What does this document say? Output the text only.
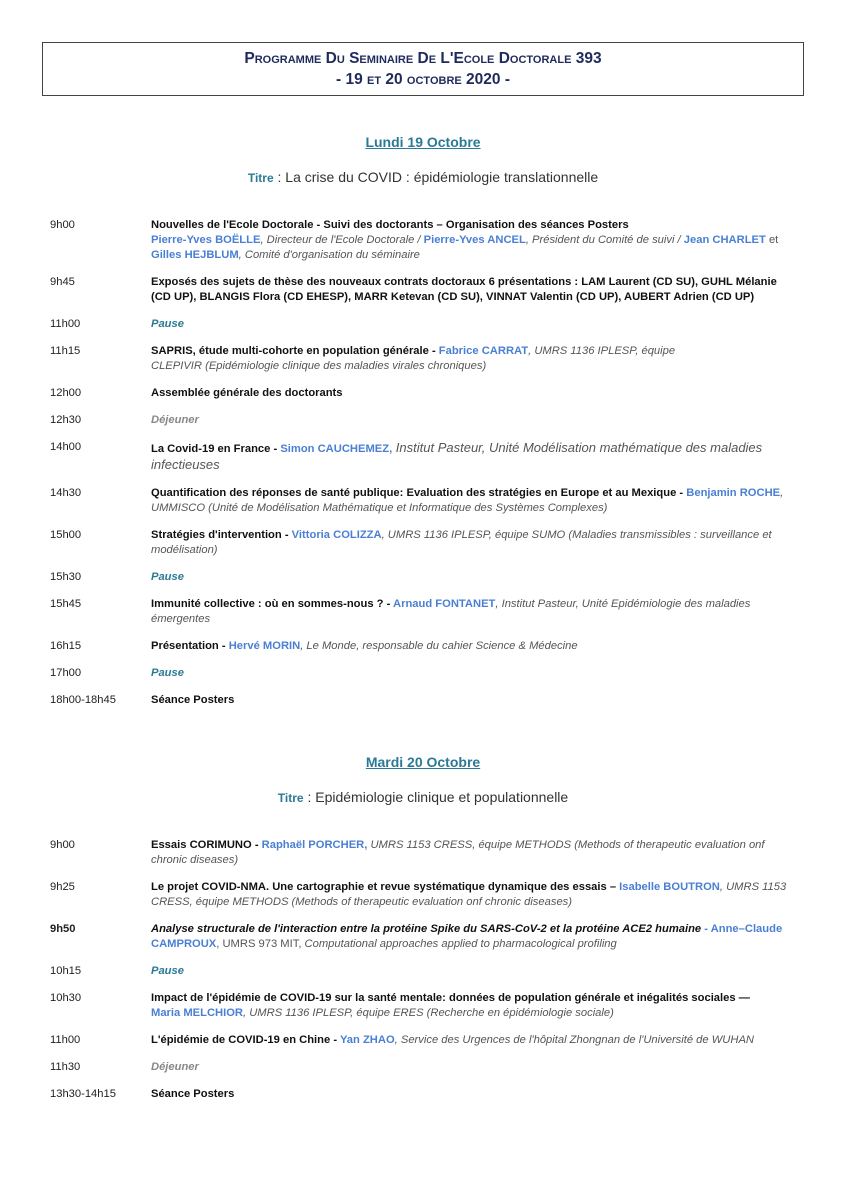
Programme Du Seminaire De L'Ecole Doctorale 393
- 19 et 20 octobre 2020 -
Lundi 19 Octobre
Titre : La crise du COVID : épidémiologie translationnelle
9h00	Nouvelles de l'Ecole Doctorale - Suivi des doctorants – Organisation des séances Posters
Pierre-Yves BOËLLE, Directeur de l'Ecole Doctorale / Pierre-Yves ANCEL, Président du Comité de suivi / Jean CHARLET et Gilles HEJBLUM, Comité d'organisation du séminaire
9h45	Exposés des sujets de thèse des nouveaux contrats doctoraux 6 présentations : LAM Laurent (CD SU), GUHL Mélanie (CD UP), BLANGIS Flora (CD EHESP), MARR Ketevan (CD SU), VINNAT Valentin (CD UP), AUBERT Adrien (CD UP)
11h00	Pause
11h15	SAPRIS, étude multi-cohorte en population générale - Fabrice CARRAT, UMRS 1136 IPLESP, équipe
CLEPIVIR (Epidémiologie clinique des maladies virales chroniques)
12h00	Assemblée générale des doctorants
12h30	Déjeuner
14h00	La Covid-19 en France - Simon CAUCHEMEZ, Institut Pasteur, Unité Modélisation mathématique des maladies infectieuses
14h30	Quantification des réponses de santé publique: Evaluation des stratégies en Europe et au Mexique - Benjamin ROCHE, UMMISCO (Unité de Modélisation Mathématique et Informatique des Systèmes Complexes)
15h00	Stratégies d'intervention - Vittoria COLIZZA, UMRS 1136 IPLESP, équipe SUMO (Maladies transmissibles : surveillance et modélisation)
15h30	Pause
15h45	Immunité collective : où en sommes-nous ? - Arnaud FONTANET, Institut Pasteur, Unité Epidémiologie des maladies émergentes
16h15	Présentation - Hervé MORIN, Le Monde, responsable du cahier Science & Médecine
17h00	Pause
18h00-18h45	Séance Posters
Mardi 20 Octobre
Titre : Epidémiologie clinique et populationnelle
9h00	Essais CORIMUNO - Raphaël PORCHER, UMRS 1153 CRESS, équipe METHODS (Methods of therapeutic evaluation onf chronic diseases)
9h25	Le projet COVID-NMA. Une cartographie et revue systématique dynamique des essais – Isabelle BOUTRON, UMRS 1153 CRESS, équipe METHODS (Methods of therapeutic evaluation onf chronic diseases)
9h50	Analyse structurale de l'interaction entre la protéine Spike du SARS-CoV-2 et la protéine ACE2 humaine - Anne–Claude CAMPROUX, UMRS 973 MIT, Computational approaches applied to pharmacological profiling
10h15	Pause
10h30	Impact de l'épidémie de COVID-19 sur la santé mentale: données de population générale et inégalités sociales —
Maria MELCHIOR, UMRS 1136 IPLESP, équipe ERES (Recherche en épidémiologie sociale)
11h00	L'épidémie de COVID-19 en Chine - Yan ZHAO, Service des Urgences de l'hôpital Zhongnan de l'Université de WUHAN
11h30	Déjeuner
13h30-14h15	Séance Posters
